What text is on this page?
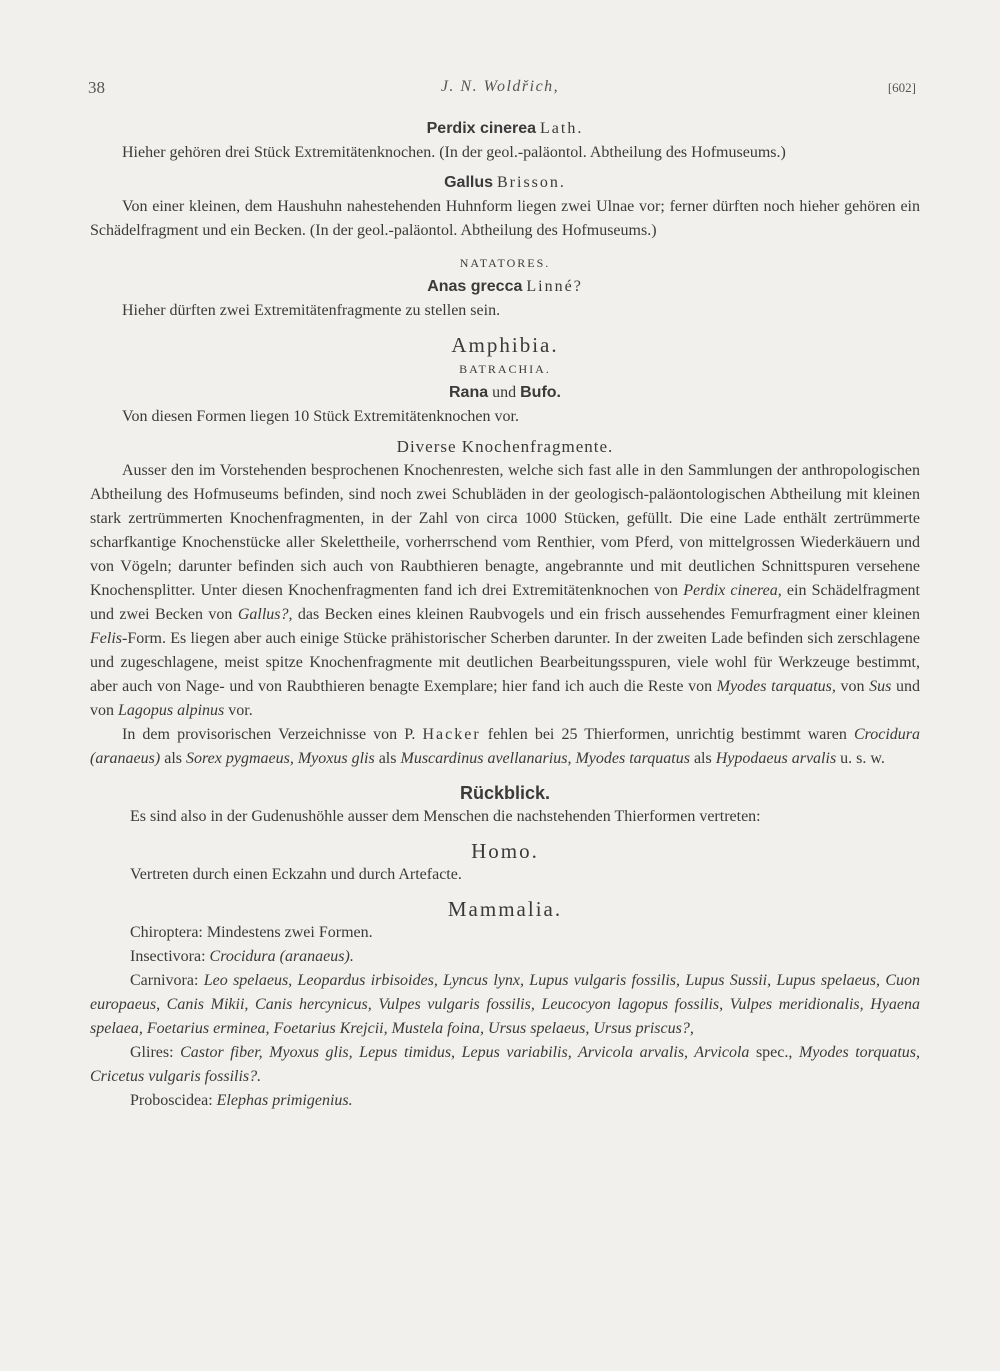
38	J. N. Woldřich,	[602]

Perdix cinerea Lath.

Hieher gehören drei Stück Extremitätenknochen. (In der geol.-paläontol. Abtheilung des Hofmuseums.)

Gallus Brisson.

Von einer kleinen, dem Haushuhn nahestehenden Huhnform liegen zwei Ulnae vor; ferner dürften noch hieher gehören ein Schädelfragment und ein Becken. (In der geol.-paläontol. Abtheilung des Hofmuseums.)

NATATORES.

Anas grecca Linné?

Hieher dürften zwei Extremitätenfragmente zu stellen sein.

Amphibia.

BATRACHIA.

Rana und Bufo.

Von diesen Formen liegen 10 Stück Extremitätenknochen vor.

Diverse Knochenfragmente.

Ausser den im Vorstehenden besprochenen Knochenresten, welche sich fast alle in den Sammlungen der anthropologischen Abtheilung des Hofmuseums befinden, sind noch zwei Schubläden in der geologisch-paläontologischen Abtheilung mit kleinen stark zertrümmerten Knochenfragmenten, in der Zahl von circa 1000 Stücken, gefüllt. Die eine Lade enthält zertrümmerte scharfkantige Knochenstücke aller Skelettheile, vorherrschend vom Renthier, vom Pferd, von mittelgrossen Wiederkäuern und von Vögeln; darunter befinden sich auch von Raubthieren benagte, angebrannte und mit deutlichen Schnittspuren versehene Knochensplitter. Unter diesen Knochenfragmenten fand ich drei Extremitätenknochen von Perdix cinerea, ein Schädelfragment und zwei Becken von Gallus?, das Becken eines kleinen Raubvogels und ein frisch aussehendes Femurfragment einer kleinen Felis-Form. Es liegen aber auch einige Stücke prähistorischer Scherben darunter. In der zweiten Lade befinden sich zerschlagene und zugeschlagene, meist spitze Knochenfragmente mit deutlichen Bearbeitungsspuren, viele wohl für Werkzeuge bestimmt, aber auch von Nage- und von Raubthieren benagte Exemplare; hier fand ich auch die Reste von Myodes tarquatus, von Sus und von Lagopus alpinus vor.

In dem provisorischen Verzeichnisse von P. Hacker fehlen bei 25 Thierformen, unrichtig bestimmt waren Crocidura (aranaeus) als Sorex pygmaeus, Myoxus glis als Muscardinus avellanarius, Myodes tarquatus als Hypodaeus arvalis u. s. w.

Rückblick.

Es sind also in der Gudenushöhle ausser dem Menschen die nachstehenden Thierformen vertreten:

Homo.

Vertreten durch einen Eckzahn und durch Artefacte.

Mammalia.

Chiroptera: Mindestens zwei Formen.

Insectivora: Crocidura (aranaeus).

Carnivora: Leo spelaeus, Leopardus irbisoides, Lyncus lynx, Lupus vulgaris fossilis, Lupus Sussii, Lupus spelaeus, Cuon europaeus, Canis Mikii, Canis hercynicus, Vulpes vulgaris fossilis, Leucocyon lagopus fossilis, Vulpes meridionalis, Hyaena spelaea, Foetarius erminea, Foetarius Krejcii, Mustela foina, Ursus spelaeus, Ursus priscus?,

Glires: Castor fiber, Myoxus glis, Lepus timidus, Lepus variabilis, Arvicola arvalis, Arvicola spec., Myodes torquatus, Cricetus vulgaris fossilis?.

Proboscidea: Elephas primigenius.
